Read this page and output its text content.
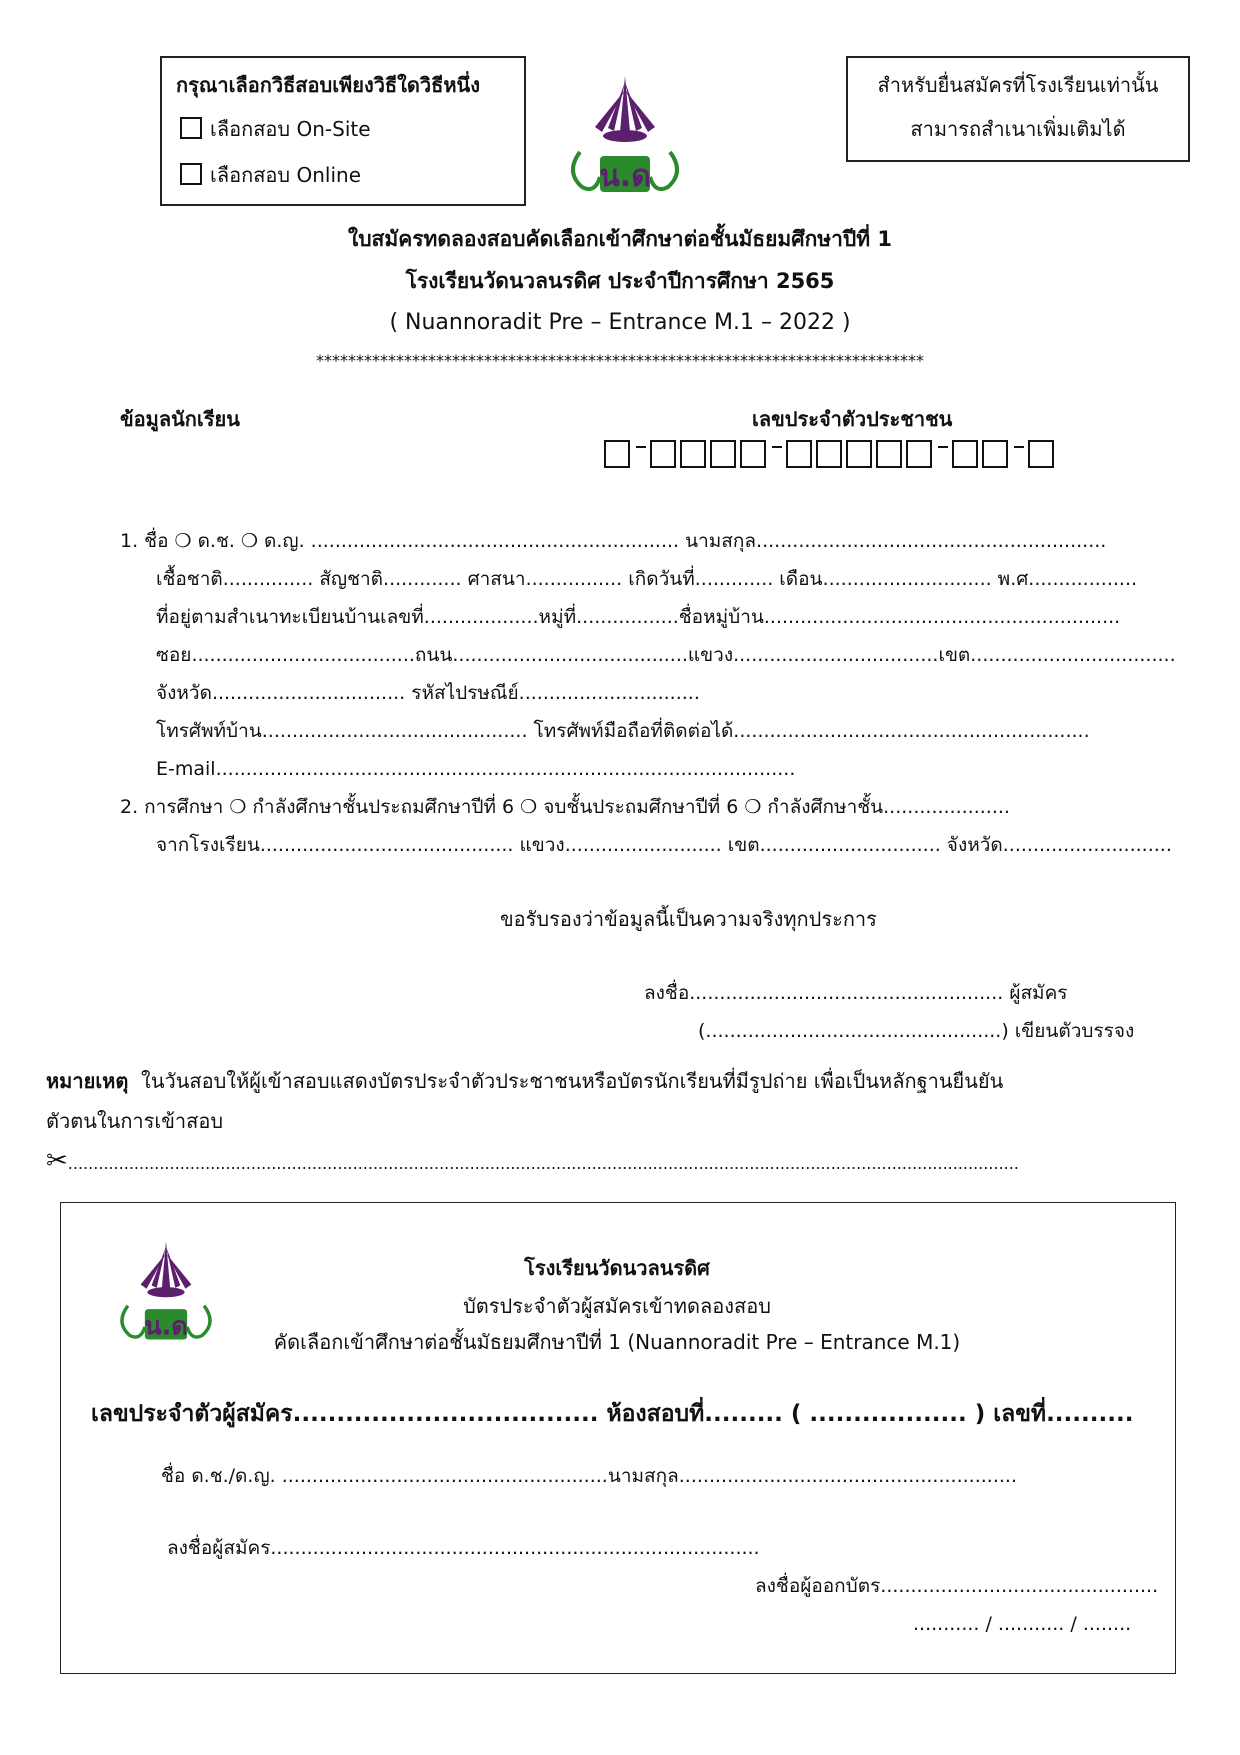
กรุณาเลือกวิธีสอบเพียงวิธีใดวิธีหนึ่ง
เลือกสอบ On-Site
เลือกสอบ Online	น.ด
สำหรับยื่นสมัครที่โรงเรียนเท่านั้น
สามารถสำเนาเพิ่มเติมได้
ใบสมัครทดลองสอบคัดเลือกเข้าศึกษาต่อชั้นมัธยมศึกษาปีที่ 1
โรงเรียนวัดนวลนรดิศ ประจำปีการศึกษา 2565
( Nuannoradit Pre – Entrance M.1 – 2022 )
****************************************************************************
ข้อมูลนักเรียน	เลขประจำตัวประชาชน
1. ชื่อ ❍ ด.ช. ❍ ด.ญ. ............................................................. นามสกุล..........................................................
เชื้อชาติ............... สัญชาติ............. ศาสนา................ เกิดวันที่............. เดือน............................ พ.ศ..................
ที่อยู่ตามสำเนาทะเบียนบ้านเลขที่...................หมู่ที่.................ชื่อหมู่บ้าน...........................................................
ซอย.....................................ถนน.......................................แขวง..................................เขต..................................
จังหวัด................................ รหัสไปรษณีย์..............................
โทรศัพท์บ้าน............................................ โทรศัพท์มือถือที่ติดต่อได้...........................................................
E-mail................................................................................................
2. การศึกษา ❍ กำลังศึกษาชั้นประถมศึกษาปีที่ 6 ❍ จบชั้นประถมศึกษาปีที่ 6 ❍ กำลังศึกษาชั้น.....................
จากโรงเรียน.......................................... แขวง.......................... เขต.............................. จังหวัด............................
ขอรับรองว่าข้อมูลนี้เป็นความจริงทุกประการ
ลงชื่อ.................................................... ผู้สมัคร
(.................................................) เขียนตัวบรรจง
หมายเหตุ ในวันสอบให้ผู้เข้าสอบแสดงบัตรประจำตัวประชาชนหรือบัตรนักเรียนที่มีรูปถ่าย เพื่อเป็นหลักฐานยืนยัน
ตัวตนในการเข้าสอบ
✂...........................................................................................................................................................................................
น.ด
โรงเรียนวัดนวลนรดิศ
บัตรประจำตัวผู้สมัครเข้าทดลองสอบ
คัดเลือกเข้าศึกษาต่อชั้นมัธยมศึกษาปีที่ 1 (Nuannoradit Pre – Entrance M.1)
เลขประจำตัวผู้สมัคร................................... ห้องสอบที่......... ( .................. ) เลขที่..........
ชื่อ ด.ช./ด.ญ. ......................................................นามสกุล........................................................
ลงชื่อผู้สมัคร.................................................................................
ลงชื่อผู้ออกบัตร..............................................
........... / ........... / ........
